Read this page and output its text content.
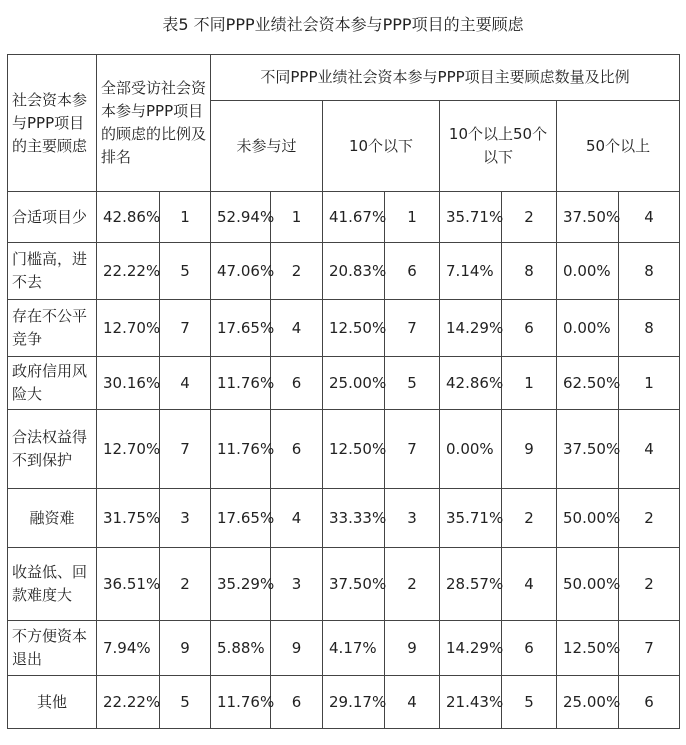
表5 不同PPP业绩社会资本参与PPP项目的主要顾虑
社会资本参与PPP项目的主要顾虑	全部受访社会资本参与PPP项目的顾虑的比例及排名		不同PPP业绩社会资本参与PPP项目主要顾虑数量及比例							
			未参与过		10个以下		10个以上50个以下		50个以上	
合适项目少	42.86%	1	52.94%	1	41.67%	1	35.71%	2	37.50%	4
门槛高，进不去	22.22%	5	47.06%	2	20.83%	6	7.14%	8	0.00%	8
存在不公平竞争	12.70%	7	17.65%	4	12.50%	7	14.29%	6	0.00%	8
政府信用风险大	30.16%	4	11.76%	6	25.00%	5	42.86%	1	62.50%	1
合法权益得不到保护	12.70%	7	11.76%	6	12.50%	7	0.00%	9	37.50%	4
融资难	31.75%	3	17.65%	4	33.33%	3	35.71%	2	50.00%	2
收益低、回款难度大	36.51%	2	35.29%	3	37.50%	2	28.57%	4	50.00%	2
不方便资本退出	7.94%	9	5.88%	9	4.17%	9	14.29%	6	12.50%	7
其他	22.22%	5	11.76%	6	29.17%	4	21.43%	5	25.00%	6
